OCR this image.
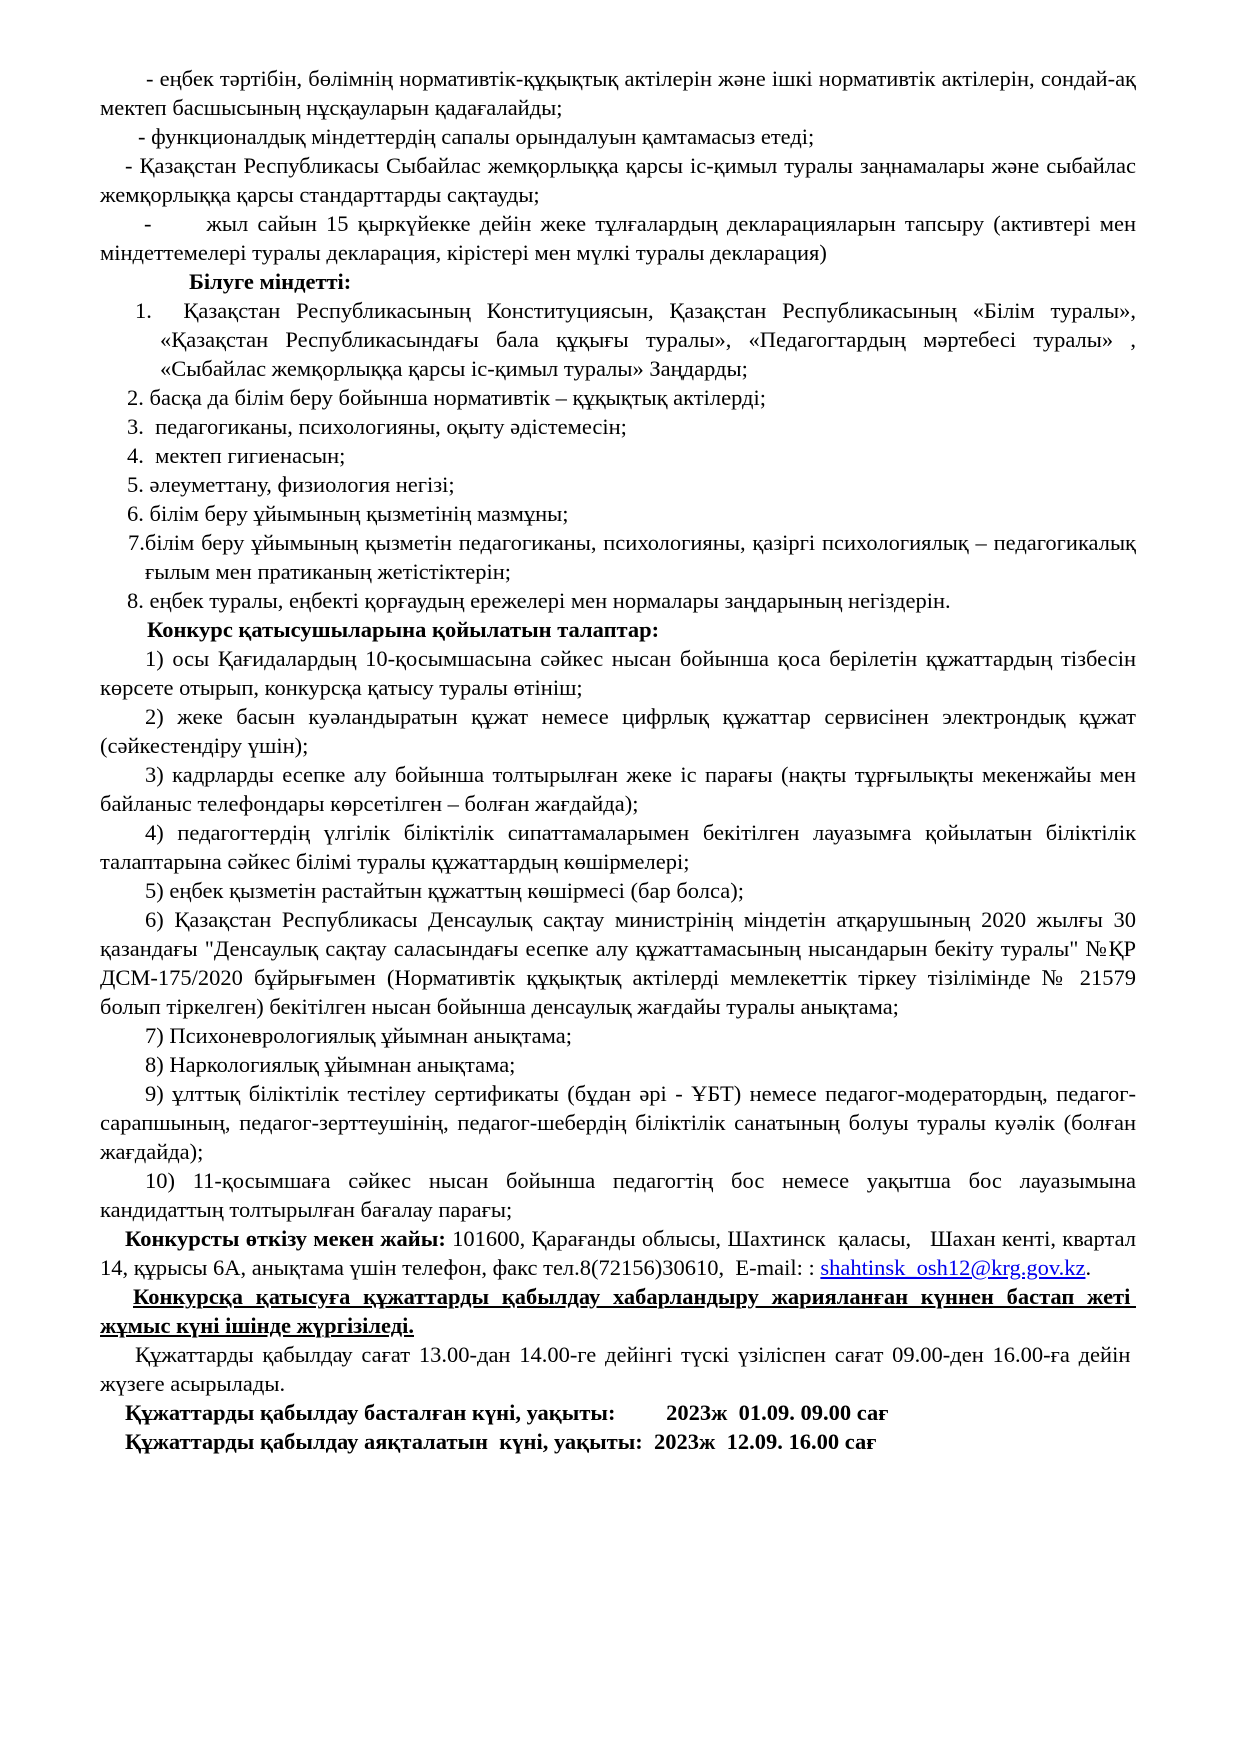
- еңбек тәртібін, бөлімнің нормативтік-құқықтық актілерін және ішкі нормативтік актілерін, сондай-ақ мектеп басшысының нұсқауларын қадағалайды;

- функционалдық міндеттердің сапалы орындалуын қамтамасыз етеді;

- Қазақстан Республикасы Сыбайлас жемқорлыққа қарсы іс-қимыл туралы заңнамалары және сыбайлас жемқорлыққа қарсы стандарттарды сақтауды;

-      жыл сайын 15 қыркүйекке дейін жеке тұлғалардың декларацияларын тапсыру (активтері мен міндеттемелері туралы декларация, кірістері мен мүлкі туралы декларация)

Білуге міндетті:

1.  Қазақстан Республикасының Конституциясын, Қазақстан Республикасының «Білім туралы», «Қазақстан Республикасындағы бала құқығы туралы», «Педагогтардың мәртебесі туралы» , «Сыбайлас жемқорлыққа қарсы іс-қимыл туралы» Заңдарды;

2. басқа да білім беру бойынша нормативтік – құқықтық актілерді;

3.  педагогиканы, психологияны, оқыту әдістемесін;

4.  мектеп гигиенасын;

5. әлеуметтану, физиология негізі;

6. білім беру ұйымының қызметінің мазмұны;

7.білім беру ұйымының қызметін педагогиканы, психологияны, қазіргі психологиялық – педагогикалық ғылым мен пратиканың жетістіктерін;

8. еңбек туралы, еңбекті қорғаудың ережелері мен нормалары заңдарының негіздерін.

Конкурс қатысушыларына қойылатын талаптар:

1) осы Қағидалардың 10-қосымшасына сәйкес нысан бойынша қоса берілетін құжаттардың тізбесін көрсете отырып, конкурсқа қатысу туралы өтініш;

2) жеке басын куәландыратын құжат немесе цифрлық құжаттар сервисінен электрондық құжат (сәйкестендіру үшін);

3) кадрларды есепке алу бойынша толтырылған жеке іс парағы (нақты тұрғылықты мекенжайы мен байланыс телефондары көрсетілген – болған жағдайда);

4) педагогтердің үлгілік біліктілік сипаттамаларымен бекітілген лауазымға қойылатын біліктілік талаптарына сәйкес білімі туралы құжаттардың көшірмелері;

5) еңбек қызметін растайтын құжаттың көшірмесі (бар болса);

6) Қазақстан Республикасы Денсаулық сақтау министрінің міндетін атқарушының 2020 жылғы 30 қазандағы "Денсаулық сақтау саласындағы есепке алу құжаттамасының нысандарын бекіту туралы" №ҚР ДСМ-175/2020 бұйрығымен (Нормативтік құқықтық актілерді мемлекеттік тіркеу тізілімінде № 21579 болып тіркелген) бекітілген нысан бойынша денсаулық жағдайы туралы анықтама;

7) Психоневрологиялық ұйымнан анықтама;

8) Наркологиялық ұйымнан анықтама;

9) ұлттық біліктілік тестілеу сертификаты (бұдан әрі - ҰБТ) немесе педагог-модератордың, педагог-сарапшының, педагог-зерттеушінің, педагог-шебердің біліктілік санатының болуы туралы куәлік (болған жағдайда);

10) 11-қосымшаға сәйкес нысан бойынша педагогтің бос немесе уақытша бос лауазымына кандидаттың толтырылған бағалау парағы;

Конкурсты өткізу мекен жайы: 101600, Қарағанды облысы, Шахтинск  қаласы,   Шахан кенті, квартал 14, құрысы 6А, анықтама үшін телефон, факс тел.8(72156)30610,  E-mail: : shahtinsk_osh12@krg.gov.kz.

Конкурсқа қатысуға құжаттарды қабылдау хабарландыру жарияланған күннен бастап жеті  жұмыс күні ішінде жүргізіледі.

Құжаттарды қабылдау сағат 13.00-дан 14.00-ге дейінгі түскі үзіліспен сағат 09.00-ден 16.00-ға дейін  жүзеге асырылады.

Құжаттарды қабылдау басталған күні, уақыты:         2023ж  01.09. 09.00 сағ

Құжаттарды қабылдау аяқталатын  күні, уақыты:  2023ж  12.09. 16.00 сағ
